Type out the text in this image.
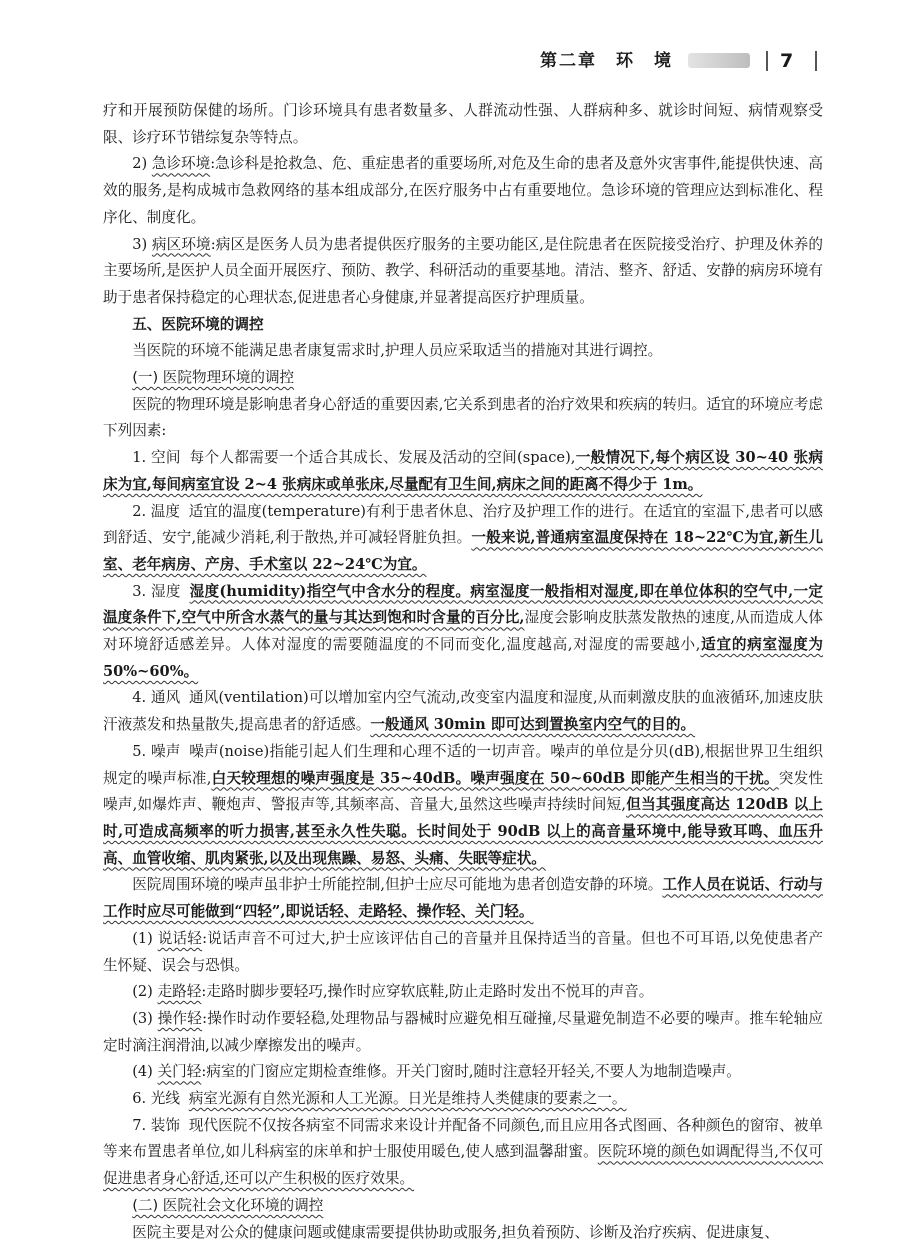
第二章　环　境	7

疗和开展预防保健的场所。门诊环境具有患者数量多、人群流动性强、人群病种多、就诊时间短、病情观察受限、诊疗环节错综复杂等特点。

2) 急诊环境:急诊科是抢救急、危、重症患者的重要场所,对危及生命的患者及意外灾害事件,能提供快速、高效的服务,是构成城市急救网络的基本组成部分,在医疗服务中占有重要地位。急诊环境的管理应达到标准化、程序化、制度化。

3) 病区环境:病区是医务人员为患者提供医疗服务的主要功能区,是住院患者在医院接受治疗、护理及休养的主要场所,是医护人员全面开展医疗、预防、教学、科研活动的重要基地。清洁、整齐、舒适、安静的病房环境有助于患者保持稳定的心理状态,促进患者心身健康,并显著提高医疗护理质量。

五、医院环境的调控

当医院的环境不能满足患者康复需求时,护理人员应采取适当的措施对其进行调控。

(一) 医院物理环境的调控

医院的物理环境是影响患者身心舒适的重要因素,它关系到患者的治疗效果和疾病的转归。适宜的环境应考虑下列因素:

1. 空间 每个人都需要一个适合其成长、发展及活动的空间(space),一般情况下,每个病区设 30~40 张病床为宜,每间病室宜设 2~4 张病床或单张床,尽量配有卫生间,病床之间的距离不得少于 1m。

2. 温度 适宜的温度(temperature)有利于患者休息、治疗及护理工作的进行。在适宜的室温下,患者可以感到舒适、安宁,能减少消耗,利于散热,并可减轻肾脏负担。一般来说,普通病室温度保持在 18~22℃为宜,新生儿室、老年病房、产房、手术室以 22~24℃为宜。

3. 湿度 湿度(humidity)指空气中含水分的程度。病室湿度一般指相对湿度,即在单位体积的空气中,一定温度条件下,空气中所含水蒸气的量与其达到饱和时含量的百分比,湿度会影响皮肤蒸发散热的速度,从而造成人体对环境舒适感差异。人体对湿度的需要随温度的不同而变化,温度越高,对湿度的需要越小,适宜的病室湿度为 50%~60%。

4. 通风 通风(ventilation)可以增加室内空气流动,改变室内温度和湿度,从而刺激皮肤的血液循环,加速皮肤汗液蒸发和热量散失,提高患者的舒适感。一般通风 30min 即可达到置换室内空气的目的。

5. 噪声 噪声(noise)指能引起人们生理和心理不适的一切声音。噪声的单位是分贝(dB),根据世界卫生组织规定的噪声标准,白天较理想的噪声强度是 35~40dB。噪声强度在 50~60dB 即能产生相当的干扰。突发性噪声,如爆炸声、鞭炮声、警报声等,其频率高、音量大,虽然这些噪声持续时间短,但当其强度高达 120dB 以上时,可造成高频率的听力损害,甚至永久性失聪。长时间处于 90dB 以上的高音量环境中,能导致耳鸣、血压升高、血管收缩、肌肉紧张,以及出现焦躁、易怒、头痛、失眠等症状。

医院周围环境的噪声虽非护士所能控制,但护士应尽可能地为患者创造安静的环境。工作人员在说话、行动与工作时应尽可能做到“四轻”,即说话轻、走路轻、操作轻、关门轻。

(1) 说话轻:说话声音不可过大,护士应该评估自己的音量并且保持适当的音量。但也不可耳语,以免使患者产生怀疑、误会与恐惧。

(2) 走路轻:走路时脚步要轻巧,操作时应穿软底鞋,防止走路时发出不悦耳的声音。

(3) 操作轻:操作时动作要轻稳,处理物品与器械时应避免相互碰撞,尽量避免制造不必要的噪声。推车轮轴应定时滴注润滑油,以减少摩擦发出的噪声。

(4) 关门轻:病室的门窗应定期检查维修。开关门窗时,随时注意轻开轻关,不要人为地制造噪声。

6. 光线 病室光源有自然光源和人工光源。日光是维持人类健康的要素之一。

7. 装饰 现代医院不仅按各病室不同需求来设计并配备不同颜色,而且应用各式图画、各种颜色的窗帘、被单等来布置患者单位,如儿科病室的床单和护士服使用暖色,使人感到温馨甜蜜。医院环境的颜色如调配得当,不仅可促进患者身心舒适,还可以产生积极的医疗效果。

(二) 医院社会文化环境的调控

医院主要是对公众的健康问题或健康需要提供协助或服务,担负着预防、诊断及治疗疾病、促进康复、
